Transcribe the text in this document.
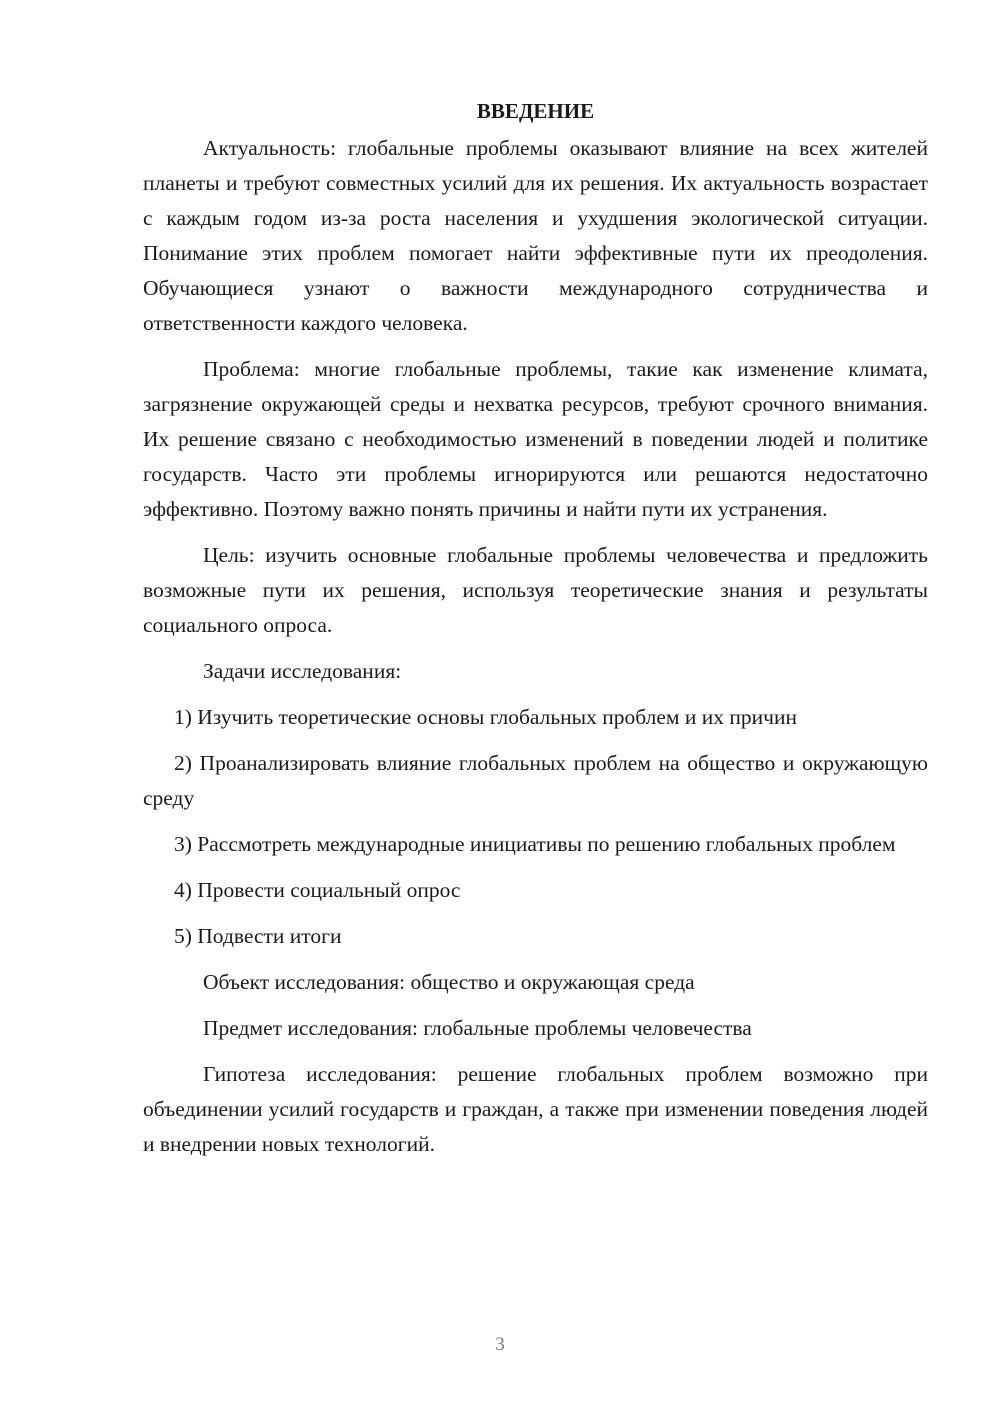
ВВЕДЕНИЕ

Актуальность: глобальные проблемы оказывают влияние на всех жителей планеты и требуют совместных усилий для их решения. Их актуальность возрастает с каждым годом из-за роста населения и ухудшения экологической ситуации. Понимание этих проблем помогает найти эффективные пути их преодоления. Обучающиеся узнают о важности международного сотрудничества и ответственности каждого человека.

Проблема: многие глобальные проблемы, такие как изменение климата, загрязнение окружающей среды и нехватка ресурсов, требуют срочного внимания. Их решение связано с необходимостью изменений в поведении людей и политике государств. Часто эти проблемы игнорируются или решаются недостаточно эффективно. Поэтому важно понять причины и найти пути их устранения.

Цель: изучить основные глобальные проблемы человечества и предложить возможные пути их решения, используя теоретические знания и результаты социального опроса.

Задачи исследования:

1) Изучить теоретические основы глобальных проблем и их причин

2) Проанализировать влияние глобальных проблем на общество и окружающую среду

3) Рассмотреть международные инициативы по решению глобальных проблем

4) Провести социальный опрос

5) Подвести итоги

Объект исследования: общество и окружающая среда

Предмет исследования: глобальные проблемы человечества

Гипотеза исследования: решение глобальных проблем возможно при объединении усилий государств и граждан, а также при изменении поведения людей и внедрении новых технологий.

3
